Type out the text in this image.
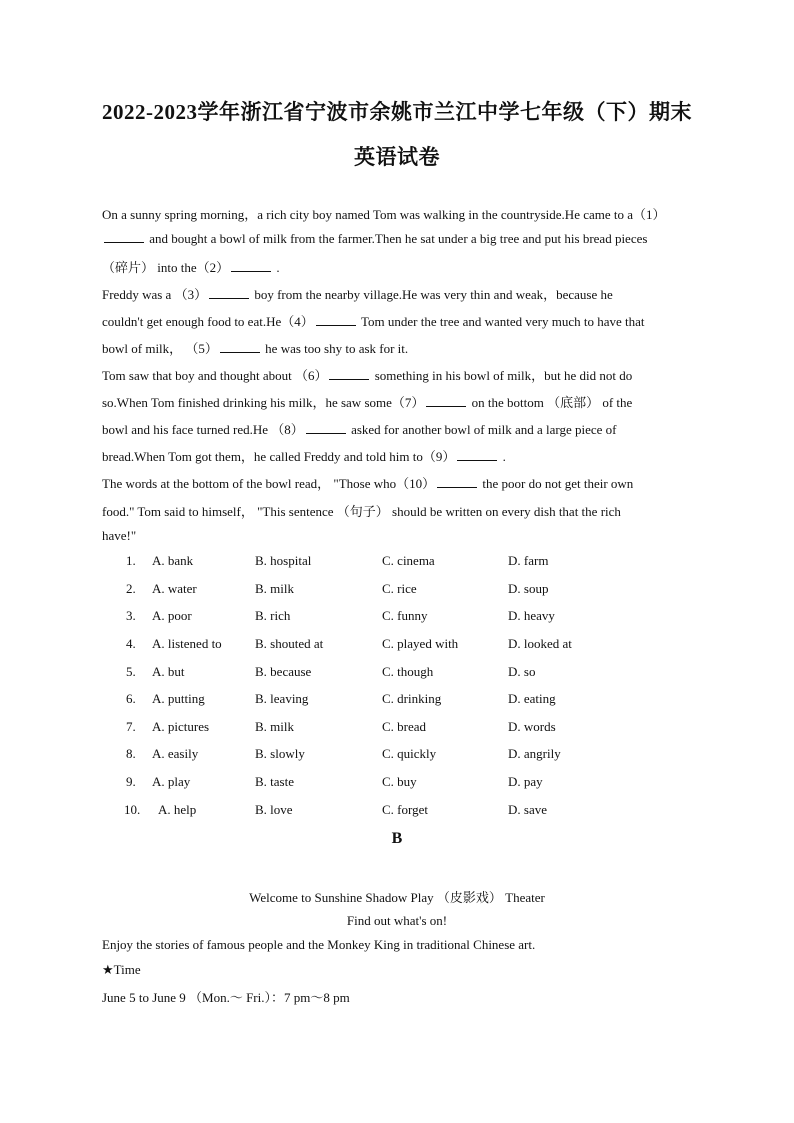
2022-2023学年浙江省宁波市余姚市兰江中学七年级（下）期末
英语试卷
On a sunny spring morning，a rich city boy named Tom was walking in the countryside.He came to a（1）
and bought a bowl of milk from the farmer.Then he sat under a big tree and put his bread pieces
（碎片） into the（2）	.
Freddy was a （3）	boy from the nearby village.He was very thin and weak，because he
couldn't get enough food to eat.He（4）	Tom under the tree and wanted very much to have that
bowl of milk， （5）	he was too shy to ask for it.
Tom saw that boy and thought about （6）	something in his bowl of milk，but he did not do
so.When Tom finished drinking his milk，he saw some（7）	on the bottom （底部） of the
bowl and his face turned red.He （8）	asked for another bowl of milk and a large piece of
bread.When Tom got them，he called Freddy and told him to（9）	.
The words at the bottom of the bowl read， "Those who（10）	the poor do not get their own
food." Tom said to himself， "This sentence （句子） should be written on every dish that the rich
have!"
1. A. bank	B. hospital	C. cinema	D. farm
2. A. water	B. milk	C. rice	D. soup
3. A. poor	B. rich	C. funny	D. heavy
4. A. listened to	B. shouted at	C. played with	D. looked at
5. A. but	B. because	C. though	D. so
6. A. putting	B. leaving	C. drinking	D. eating
7. A. pictures	B. milk	C. bread	D. words
8. A. easily	B. slowly	C. quickly	D. angrily
9. A. play	B. taste	C. buy	D. pay
10. A. help	B. love	C. forget	D. save
B
Welcome to Sunshine Shadow Play （皮影戏） Theater
Find out what's on!
Enjoy the stories of famous people and the Monkey King in traditional Chinese art.
★Time
June 5 to June 9 （Mon.～ Fri.）：7 pm～8 pm
